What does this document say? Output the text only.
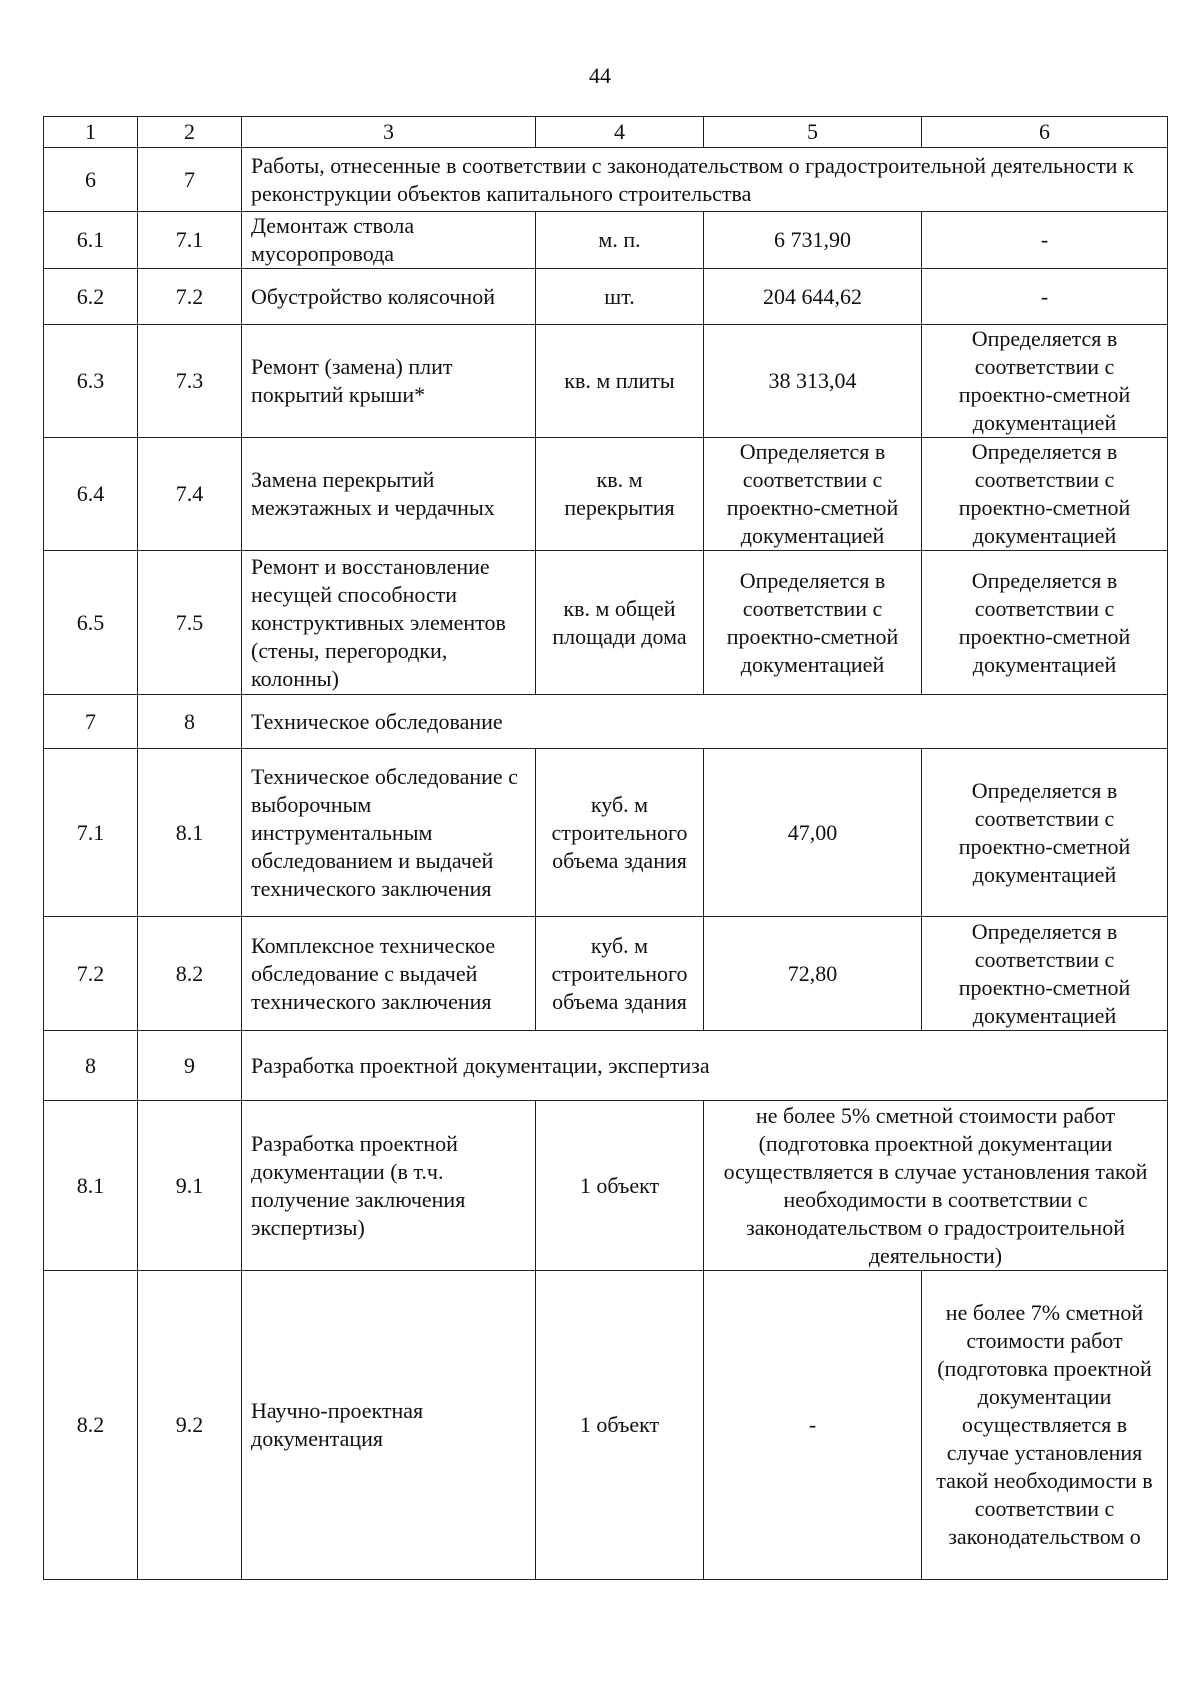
44
1	2	3	4	5	6
6	7	Работы, отнесенные в соответствии с законодательством о градостроительной деятельности к реконструкции объектов капитального строительства			
6.1	7.1	Демонтаж ствола мусоропровода	м. п.	6 731,90	-
6.2	7.2	Обустройство колясочной	шт.	204 644,62	-
6.3	7.3	Ремонт (замена) плит покрытий крыши*	кв. м плиты	38 313,04	Определяется в соответствии с проектно-сметной документацией
6.4	7.4	Замена перекрытий межэтажных и чердачных	кв. м перекрытия	Определяется в соответствии с проектно-сметной документацией	Определяется в соответствии с проектно-сметной документацией
6.5	7.5	Ремонт и восстановление несущей способности конструктивных элементов (стены, перегородки, колонны)	кв. м общей площади дома	Определяется в соответствии с проектно-сметной документацией	Определяется в соответствии с проектно-сметной документацией
7	8	Техническое обследование			
7.1	8.1	Техническое обследование с выборочным инструментальным обследованием и выдачей технического заключения	куб. м строительного объема здания	47,00	Определяется в соответствии с проектно-сметной документацией
7.2	8.2	Комплексное техническое обследование с выдачей технического заключения	куб. м строительного объема здания	72,80	Определяется в соответствии с проектно-сметной документацией
8	9	Разработка проектной документации, экспертиза			
8.1	9.1	Разработка проектной документации (в т.ч. получение заключения экспертизы)	1 объект	не более 5% сметной стоимости работ (подготовка проектной документации осуществляется в случае установления такой необходимости в соответствии с законодательством о градостроительной деятельности)	
8.2	9.2	Научно-проектная документация	1 объект	-	не более 7% сметной стоимости работ (подготовка проектной документации осуществляется в случае установления такой необходимости в соответствии с законодательством о
